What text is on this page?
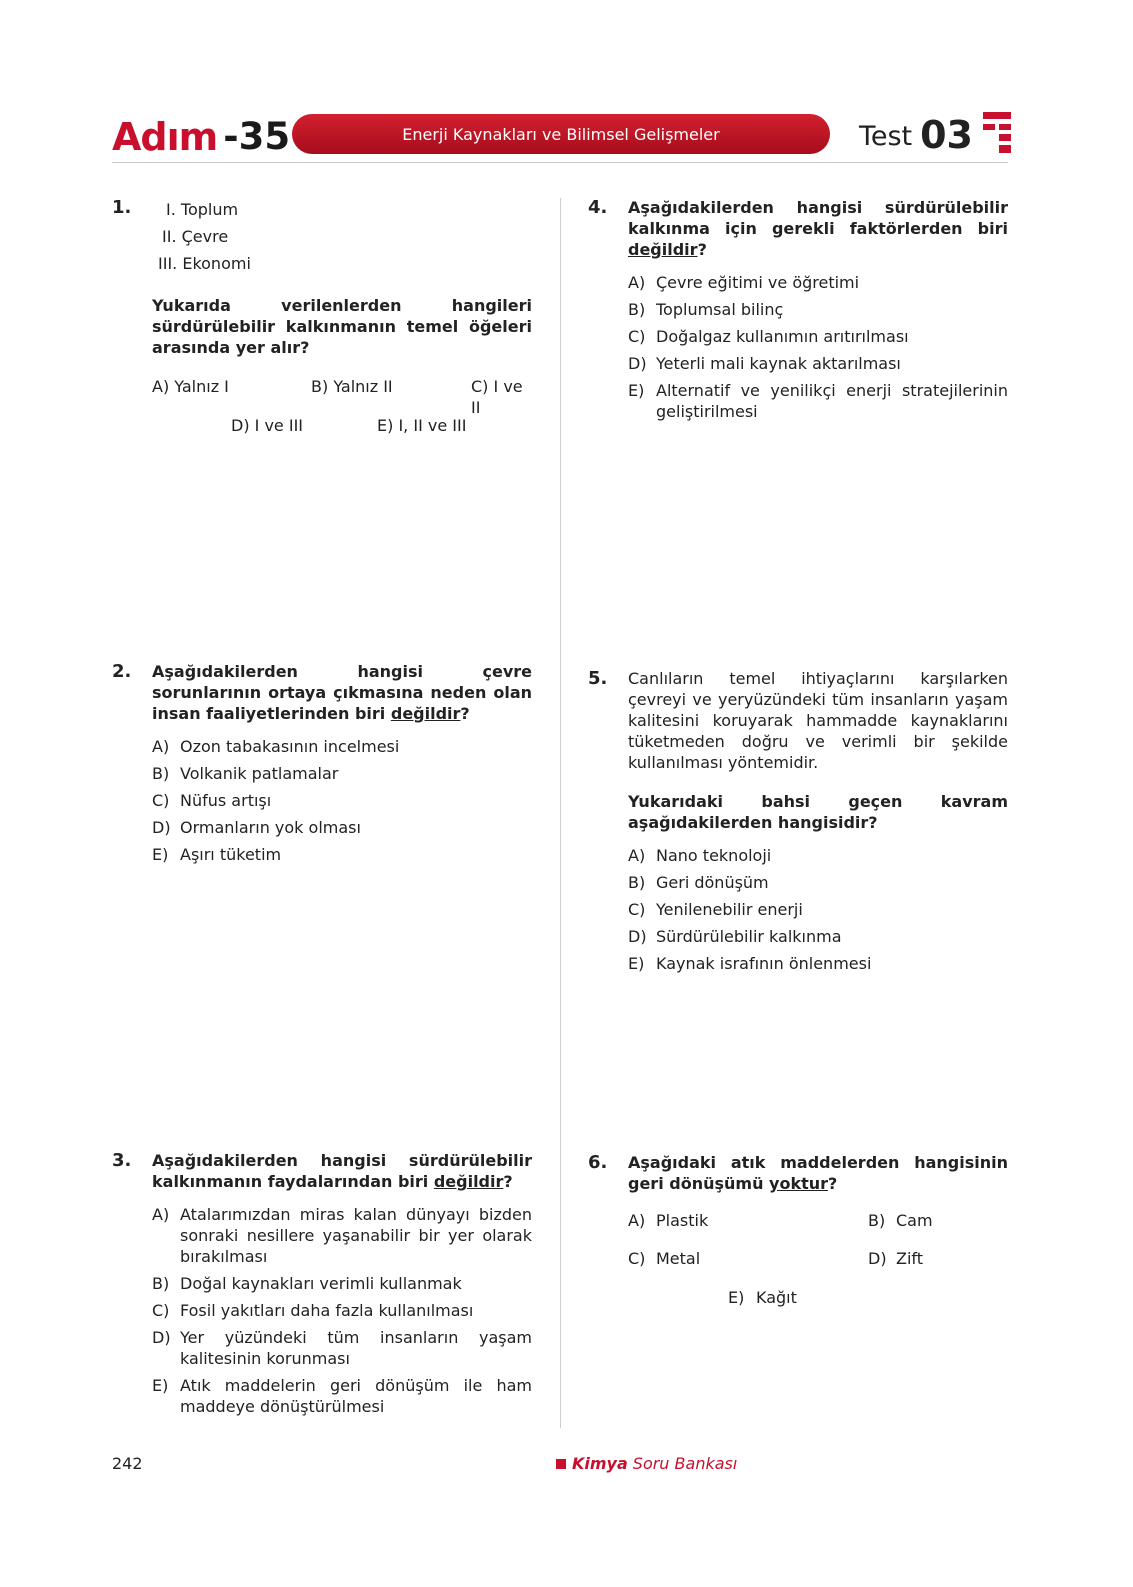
Adım -35	Enerji Kaynakları ve Bilimsel Gelişmeler	Test 03
1.	I. Toplum
II. Çevre
III. Ekonomi
Yukarıda verilenlerden hangileri sürdürülebilir kalkınmanın temel öğeleri arasında yer alır?
A) Yalnız I	B) Yalnız II	C) I ve II
D) I ve III	E) I, II ve III
2. Aşağıdakilerden hangisi çevre sorunlarının ortaya çıkmasına neden olan insan faaliyetlerinden biri değildir?
A) Ozon tabakasının incelmesi
B) Volkanik patlamalar
C) Nüfus artışı
D) Ormanların yok olması
E) Aşırı tüketim
3. Aşağıdakilerden hangisi sürdürülebilir kalkınmanın faydalarından biri değildir?
A) Atalarımızdan miras kalan dünyayı bizden sonraki nesillere yaşanabilir bir yer olarak bırakılması
B) Doğal kaynakları verimli kullanmak
C) Fosil yakıtları daha fazla kullanılması
D) Yer yüzündeki tüm insanların yaşam kalitesinin korunması
E) Atık maddelerin geri dönüşüm ile ham maddeye dönüştürülmesi
4. Aşağıdakilerden hangisi sürdürülebilir kalkınma için gerekli faktörlerden biri değildir?
A) Çevre eğitimi ve öğretimi
B) Toplumsal bilinç
C) Doğalgaz kullanımın arıtırılması
D) Yeterli mali kaynak aktarılması
E) Alternatif ve yenilikçi enerji stratejilerinin geliştirilmesi
5. Canlıların temel ihtiyaçlarını karşılarken çevreyi ve yeryüzündeki tüm insanların yaşam kalitesini koruyarak hammadde kaynaklarını tüketmeden doğru ve verimli bir şekilde kullanılması yöntemidir.
Yukarıdaki bahsi geçen kavram aşağıdakilerden hangisidir?
A) Nano teknoloji
B) Geri dönüşüm
C) Yenilenebilir enerji
D) Sürdürülebilir kalkınma
E) Kaynak israfının önlenmesi
6. Aşağıdaki atık maddelerden hangisinin geri dönüşümü yoktur?
A) Plastik	B) Cam
C) Metal	D) Zift
E) Kağıt
242	Kimya Soru Bankası
